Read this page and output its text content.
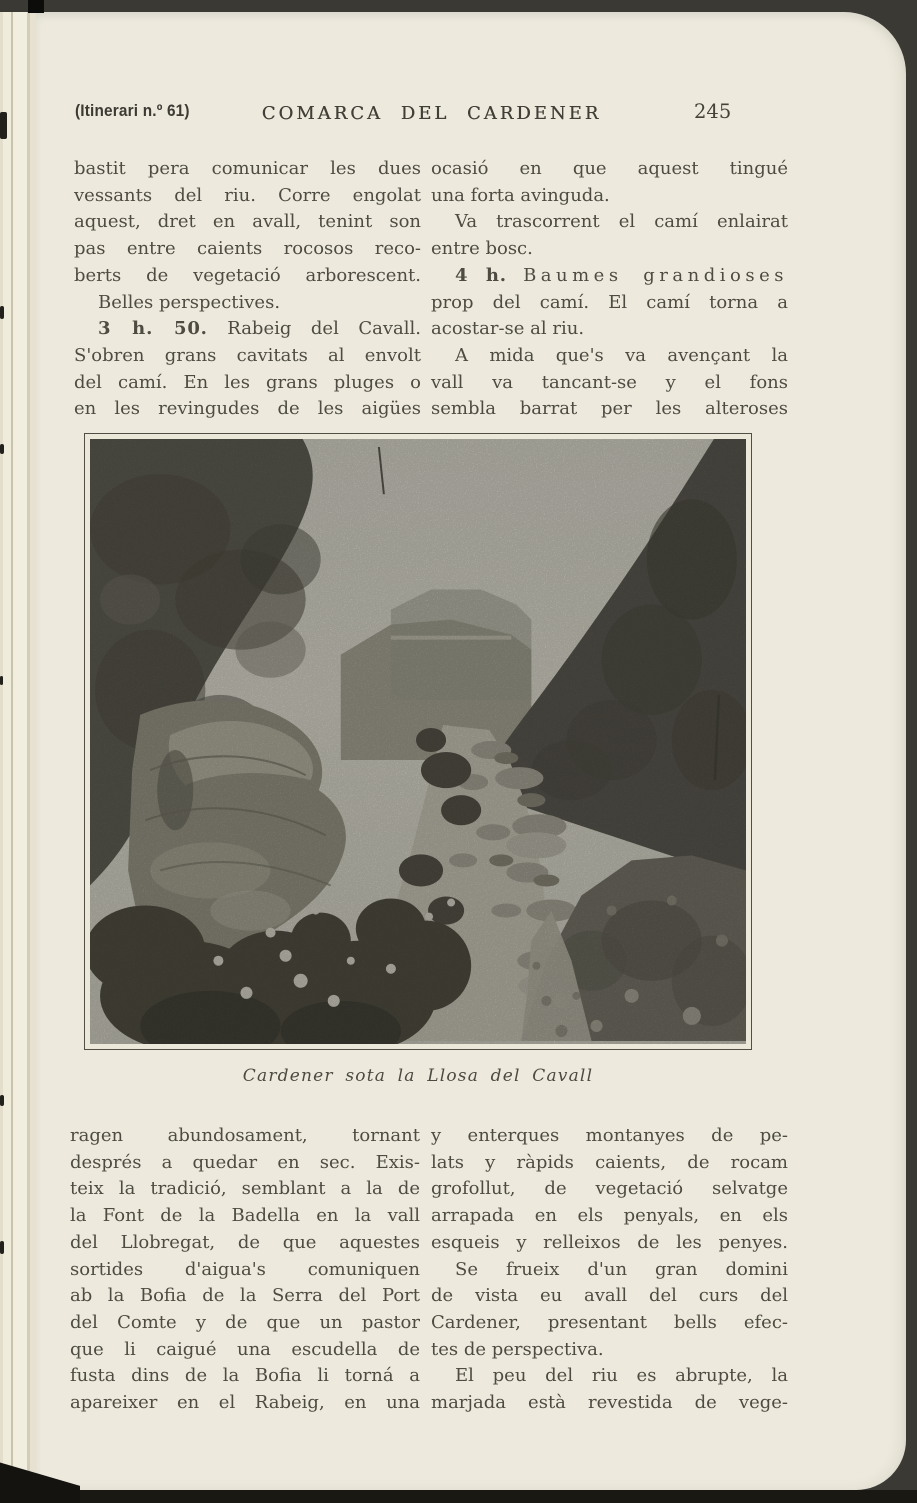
(Itinerari n.º 61)	COMARCA DEL CARDENER	245
bastit pera comunicar les dues
vessants del riu. Corre engolat
aquest, dret en avall, tenint son
pas entre caients rocosos reco-
berts de vegetació arborescent.
Belles perspectives.
3 h. 50. Rabeig del Cavall.
S'obren grans cavitats al envolt
del camí. En les grans pluges o
en les revingudes de les aigües
ocasió en que aquest tingué
una forta avinguda.
Va trascorrent el camí enlairat
entre bosc.
4 h. Baumes grandioses
prop del camí. El camí torna a
acostar-se al riu.
A mida que's va avençant la
vall va tancant-se y el fons
sembla barrat per les alteroses
Cardener sota la Llosa del Cavall
ragen abundosament, tornant
després a quedar en sec. Exis-
teix la tradició, semblant a la de
la Font de la Badella en la vall
del Llobregat, de que aquestes
sortides d'aigua's comuniquen
ab la Bofia de la Serra del Port
del Comte y de que un pastor
que li caigué una escudella de
fusta dins de la Bofia li torná a
apareixer en el Rabeig, en una
y enterques montanyes de pe-
lats y ràpids caients, de rocam
grofollut, de vegetació selvatge
arrapada en els penyals, en els
esqueis y relleixos de les penyes.
Se frueix d'un gran domini
de vista eu avall del curs del
Cardener, presentant bells efec-
tes de perspectiva.
El peu del riu es abrupte, la
marjada està revestida de vege-
